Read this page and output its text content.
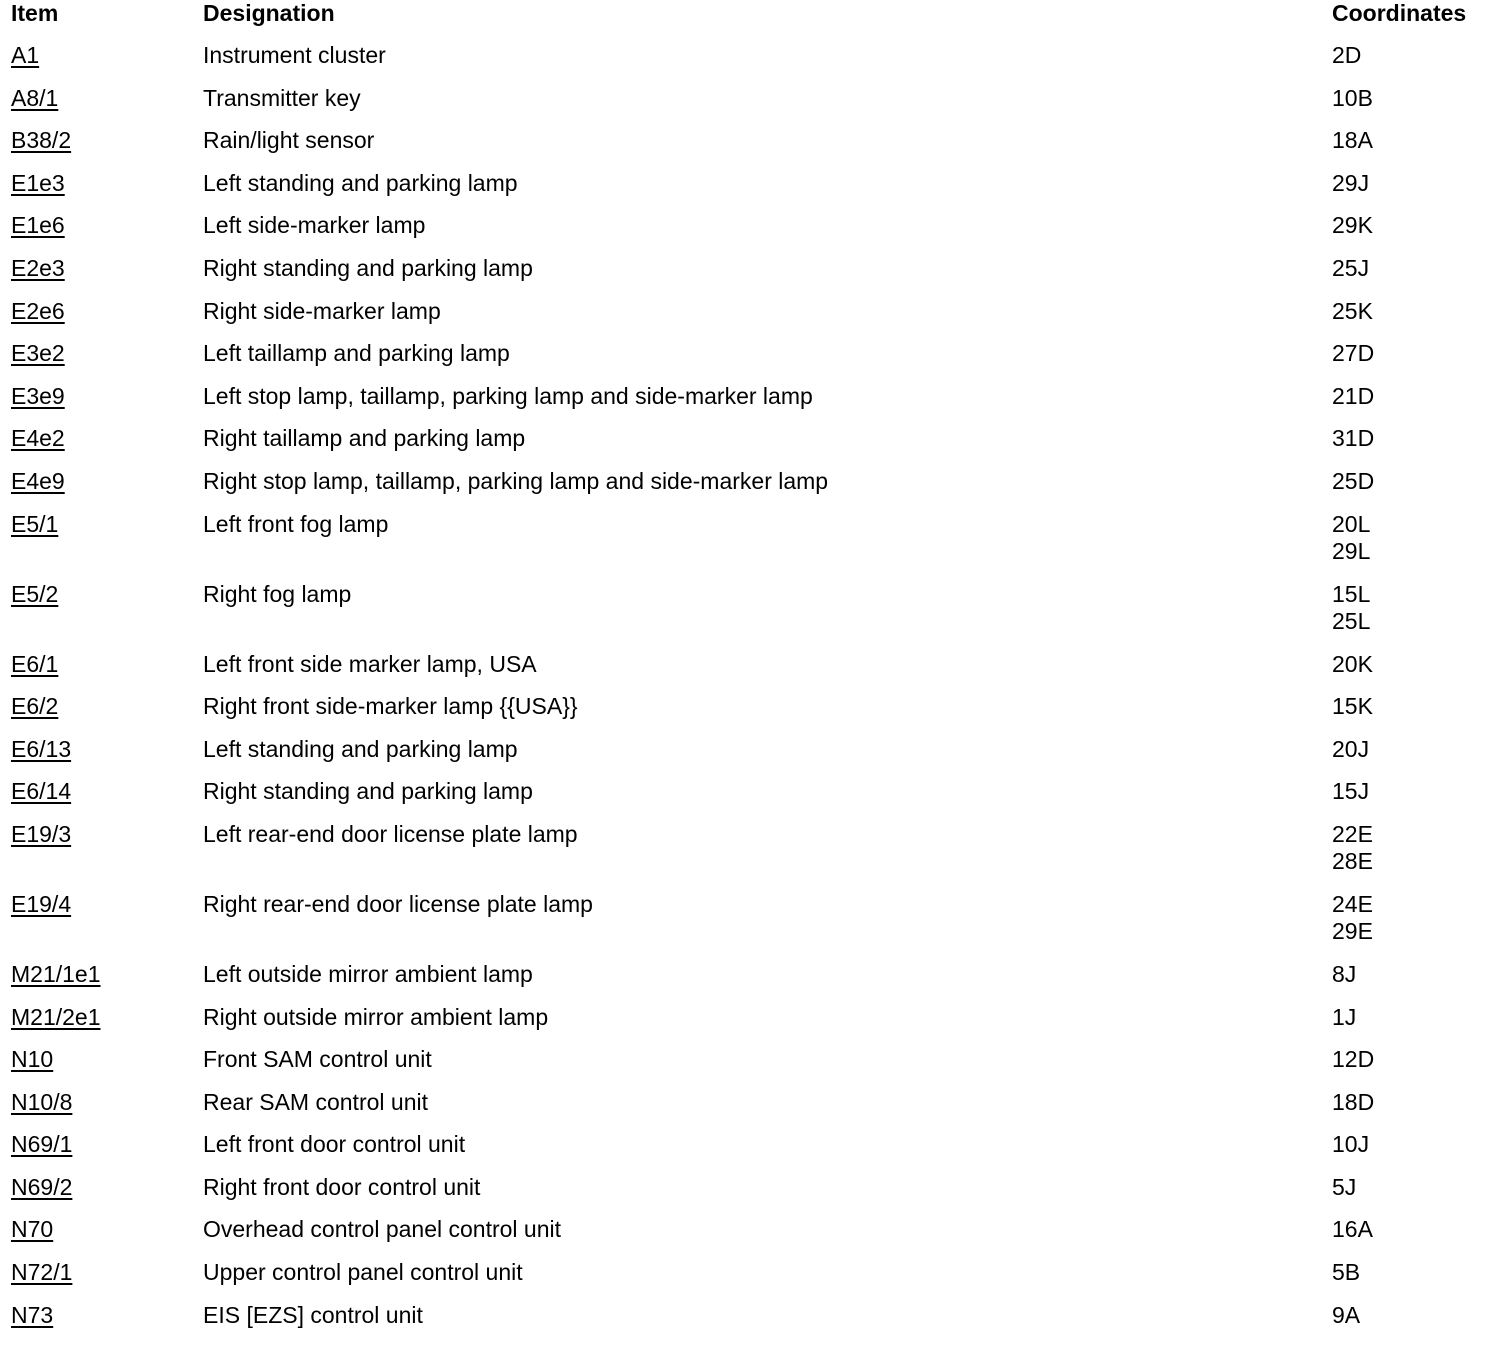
Item	Designation	Coordinates
A1	Instrument cluster	2D
A8/1	Transmitter key	10B
B38/2	Rain/light sensor	18A
E1e3	Left standing and parking lamp	29J
E1e6	Left side-marker lamp	29K
E2e3	Right standing and parking lamp	25J
E2e6	Right side-marker lamp	25K
E3e2	Left taillamp and parking lamp	27D
E3e9	Left stop lamp, taillamp, parking lamp and side-marker lamp	21D
E4e2	Right taillamp and parking lamp	31D
E4e9	Right stop lamp, taillamp, parking lamp and side-marker lamp	25D
E5/1	Left front fog lamp	20L
29L
E5/2	Right fog lamp	15L
25L
E6/1	Left front side marker lamp, USA	20K
E6/2	Right front side-marker lamp {{USA}}	15K
E6/13	Left standing and parking lamp	20J
E6/14	Right standing and parking lamp	15J
E19/3	Left rear-end door license plate lamp	22E
28E
E19/4	Right rear-end door license plate lamp	24E
29E
M21/1e1	Left outside mirror ambient lamp	8J
M21/2e1	Right outside mirror ambient lamp	1J
N10	Front SAM control unit	12D
N10/8	Rear SAM control unit	18D
N69/1	Left front door control unit	10J
N69/2	Right front door control unit	5J
N70	Overhead control panel control unit	16A
N72/1	Upper control panel control unit	5B
N73	EIS [EZS] control unit	9A
